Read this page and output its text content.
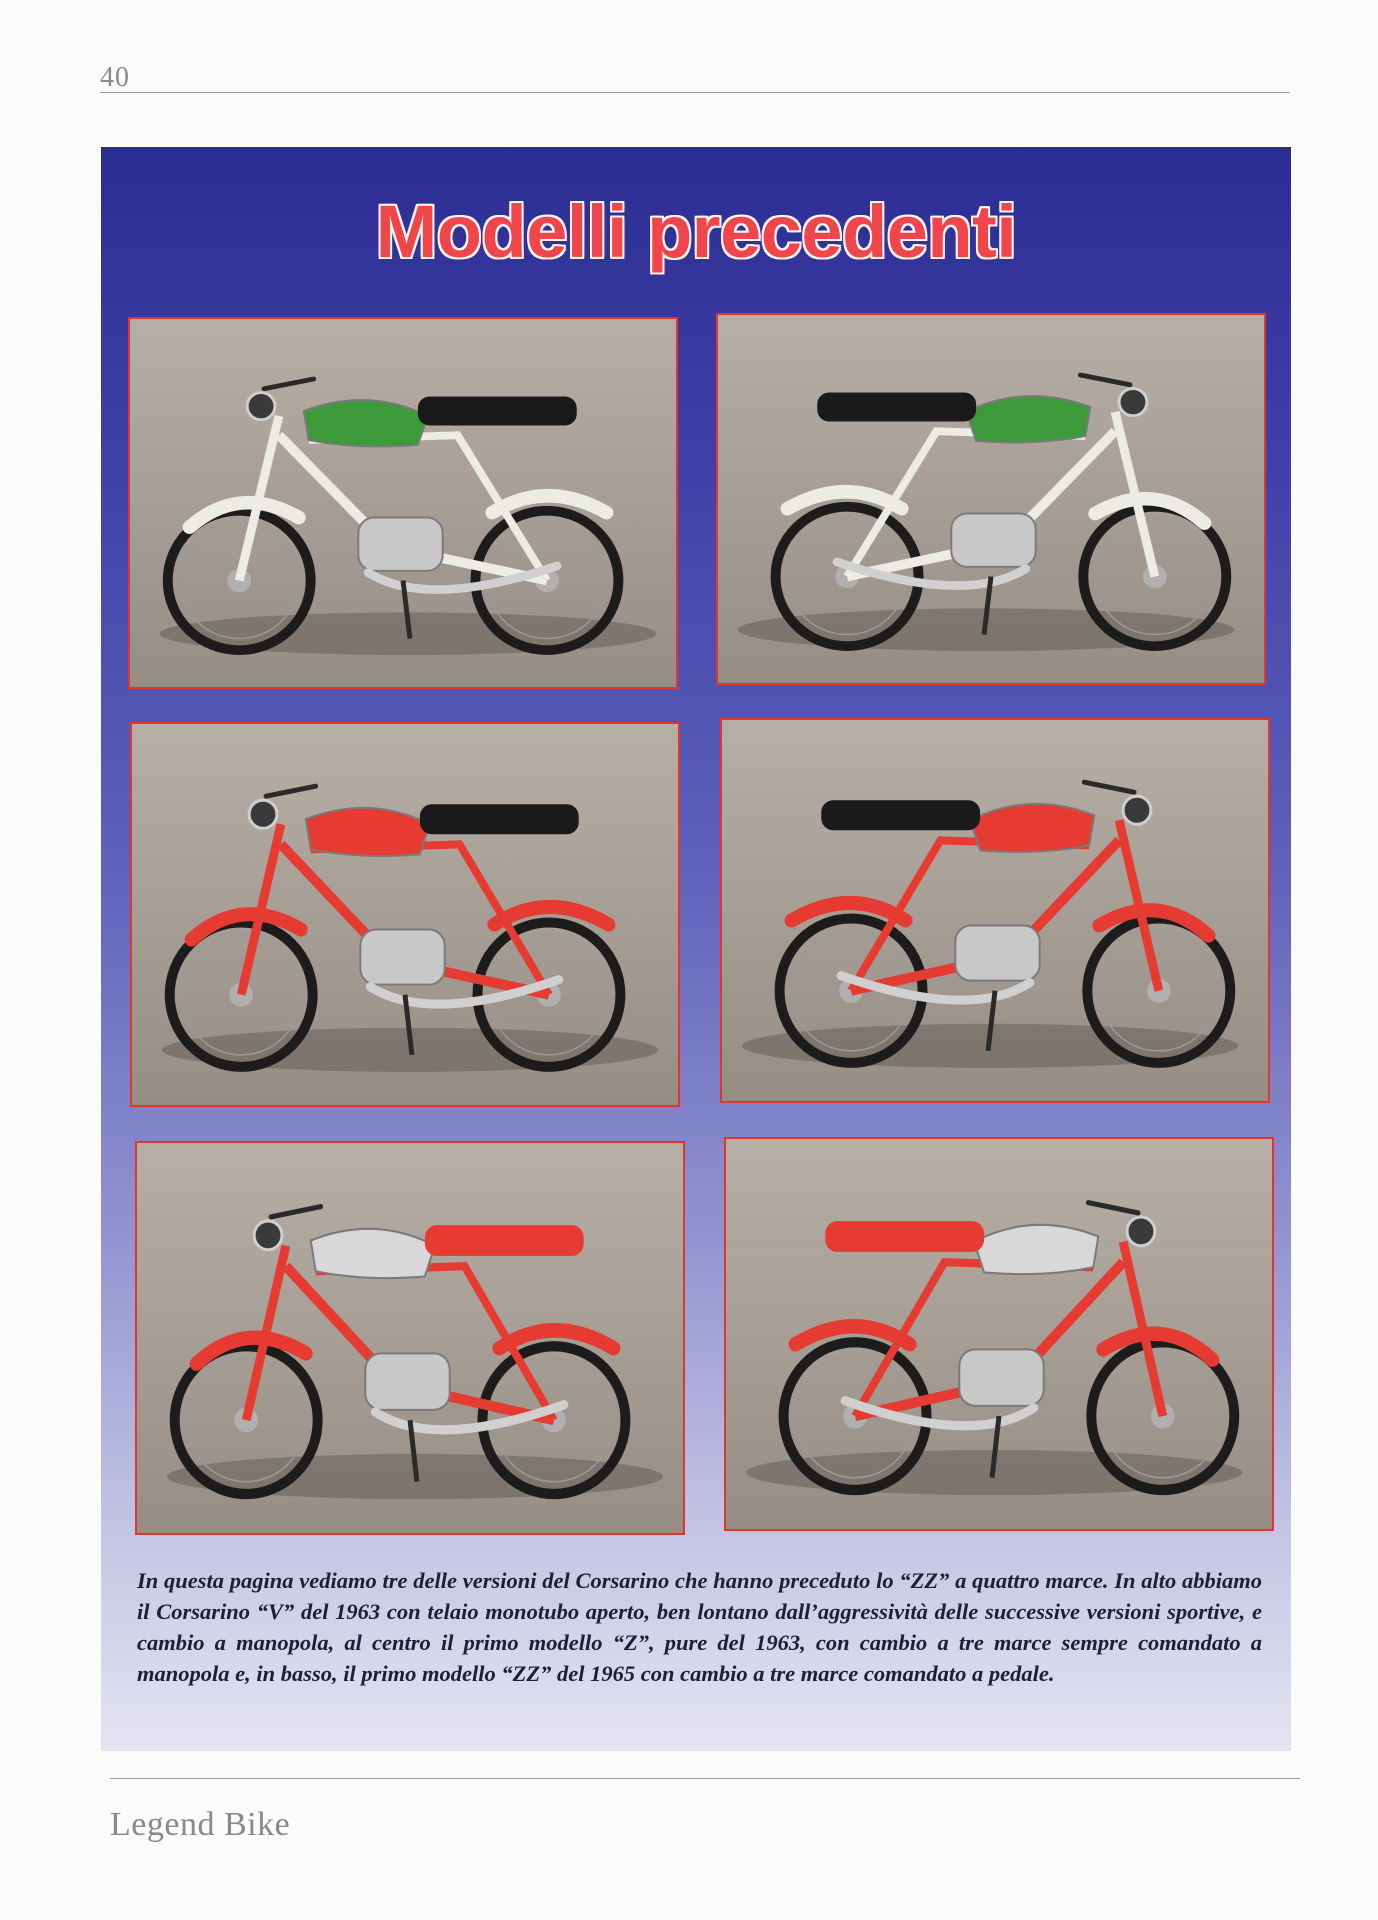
40
Modelli precedenti

In questa pagina vediamo tre delle versioni del Corsarino che hanno preceduto lo “ZZ” a quattro marce. In alto abbiamo il Corsarino “V” del 1963 con telaio monotubo aperto, ben lontano dall’aggressività delle successive versioni sportive, e cambio a manopola, al centro il primo modello “Z”, pure del 1963, con cambio a tre marce sempre comandato a manopola e, in basso, il primo modello “ZZ” del 1965 con cambio a tre marce comandato a pedale.

Legend Bike
